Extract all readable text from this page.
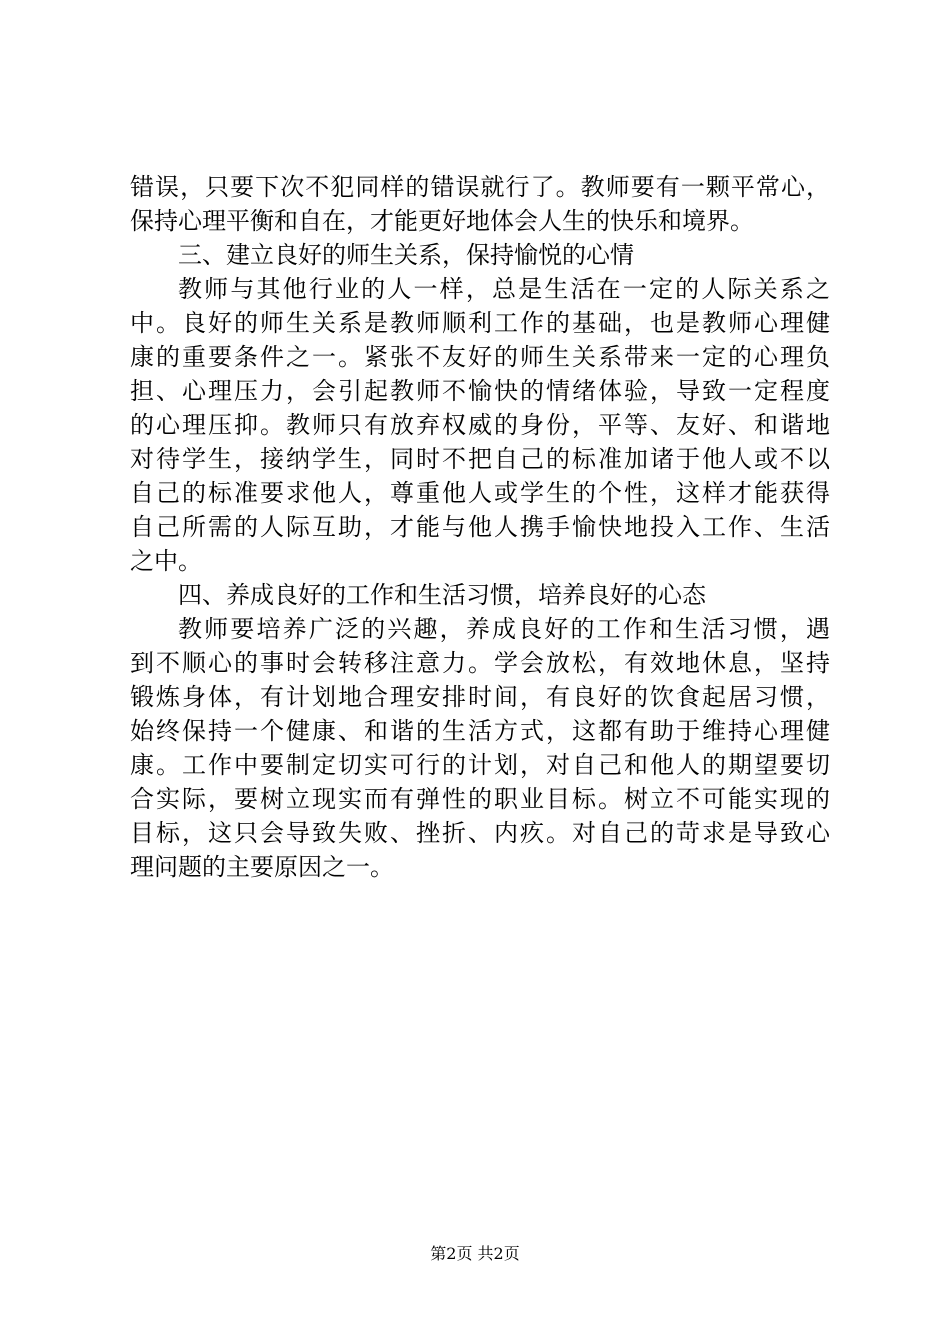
错误，只要下次不犯同样的错误就行了。教师要有一颗平常心，
保持心理平衡和自在，才能更好地体会人生的快乐和境界。
三、建立良好的师生关系，保持愉悦的心情
教师与其他行业的人一样，总是生活在一定的人际关系之
中。良好的师生关系是教师顺利工作的基础，也是教师心理健
康的重要条件之一。紧张不友好的师生关系带来一定的心理负
担、心理压力，会引起教师不愉快的情绪体验，导致一定程度
的心理压抑。教师只有放弃权威的身份，平等、友好、和谐地
对待学生，接纳学生，同时不把自己的标准加诸于他人或不以
自己的标准要求他人，尊重他人或学生的个性，这样才能获得
自己所需的人际互助，才能与他人携手愉快地投入工作、生活
之中。
四、养成良好的工作和生活习惯，培养良好的心态
教师要培养广泛的兴趣，养成良好的工作和生活习惯，遇
到不顺心的事时会转移注意力。学会放松，有效地休息，坚持
锻炼身体，有计划地合理安排时间，有良好的饮食起居习惯，
始终保持一个健康、和谐的生活方式，这都有助于维持心理健
康。工作中要制定切实可行的计划，对自己和他人的期望要切
合实际，要树立现实而有弹性的职业目标。树立不可能实现的
目标，这只会导致失败、挫折、内疚。对自己的苛求是导致心
理问题的主要原因之一。
第2页 共2页
